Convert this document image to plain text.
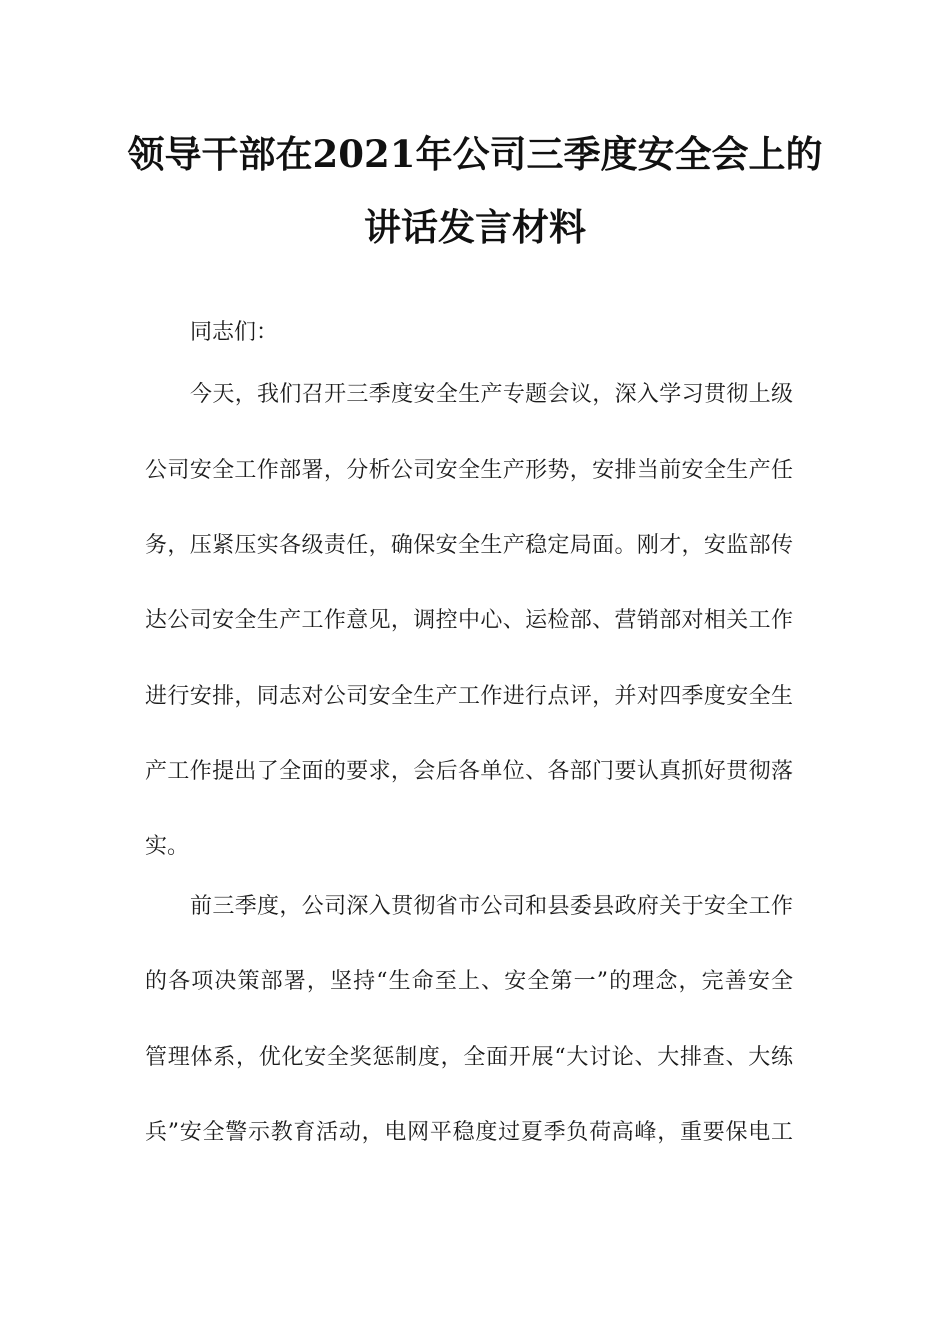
领导干部在2021年公司三季度安全会上的
讲话发言材料
同志们：
今天，我们召开三季度安全生产专题会议，深入学习贯彻上级
公司安全工作部署，分析公司安全生产形势，安排当前安全生产任
务，压紧压实各级责任，确保安全生产稳定局面。刚才，安监部传
达公司安全生产工作意见，调控中心、运检部、营销部对相关工作
进行安排，同志对公司安全生产工作进行点评，并对四季度安全生
产工作提出了全面的要求，会后各单位、各部门要认真抓好贯彻落
实。
前三季度，公司深入贯彻省市公司和县委县政府关于安全工作
的各项决策部署，坚持“生命至上、安全第一”的理念，完善安全
管理体系，优化安全奖惩制度，全面开展“大讨论、大排查、大练
兵”安全警示教育活动，电网平稳度过夏季负荷高峰，重要保电工
